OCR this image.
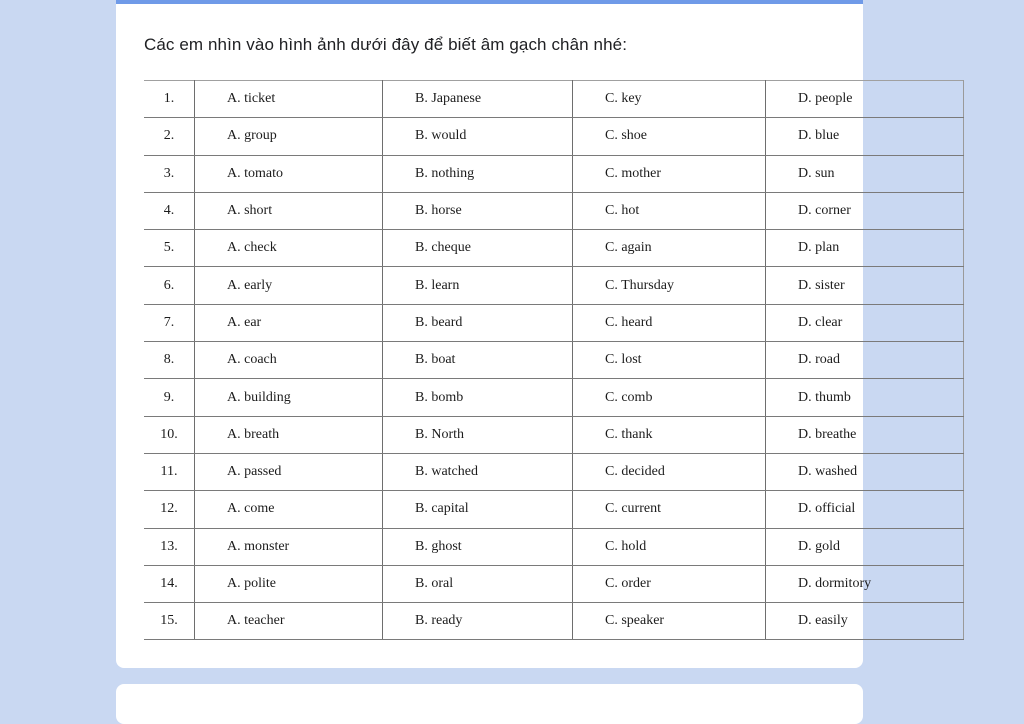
Các em nhìn vào hình ảnh dưới đây để biết âm gạch chân nhé:
1.	A. ticket	B. Japanese	C. key	D. people
2.	A. group	B. would	C. shoe	D. blue
3.	A. tomato	B. nothing	C. mother	D. sun
4.	A. short	B. horse	C. hot	D. corner
5.	A. check	B. cheque	C. again	D. plan
6.	A. early	B. learn	C. Thursday	D. sister
7.	A. ear	B. beard	C. heard	D. clear
8.	A. coach	B. boat	C. lost	D. road
9.	A. building	B. bomb	C. comb	D. thumb
10.	A. breath	B. North	C. thank	D. breathe
11.	A. passed	B. watched	C. decided	D. washed
12.	A. come	B. capital	C. current	D. official
13.	A. monster	B. ghost	C. hold	D. gold
14.	A. polite	B. oral	C. order	D. dormitory
15.	A. teacher	B. ready	C. speaker	D. easily
